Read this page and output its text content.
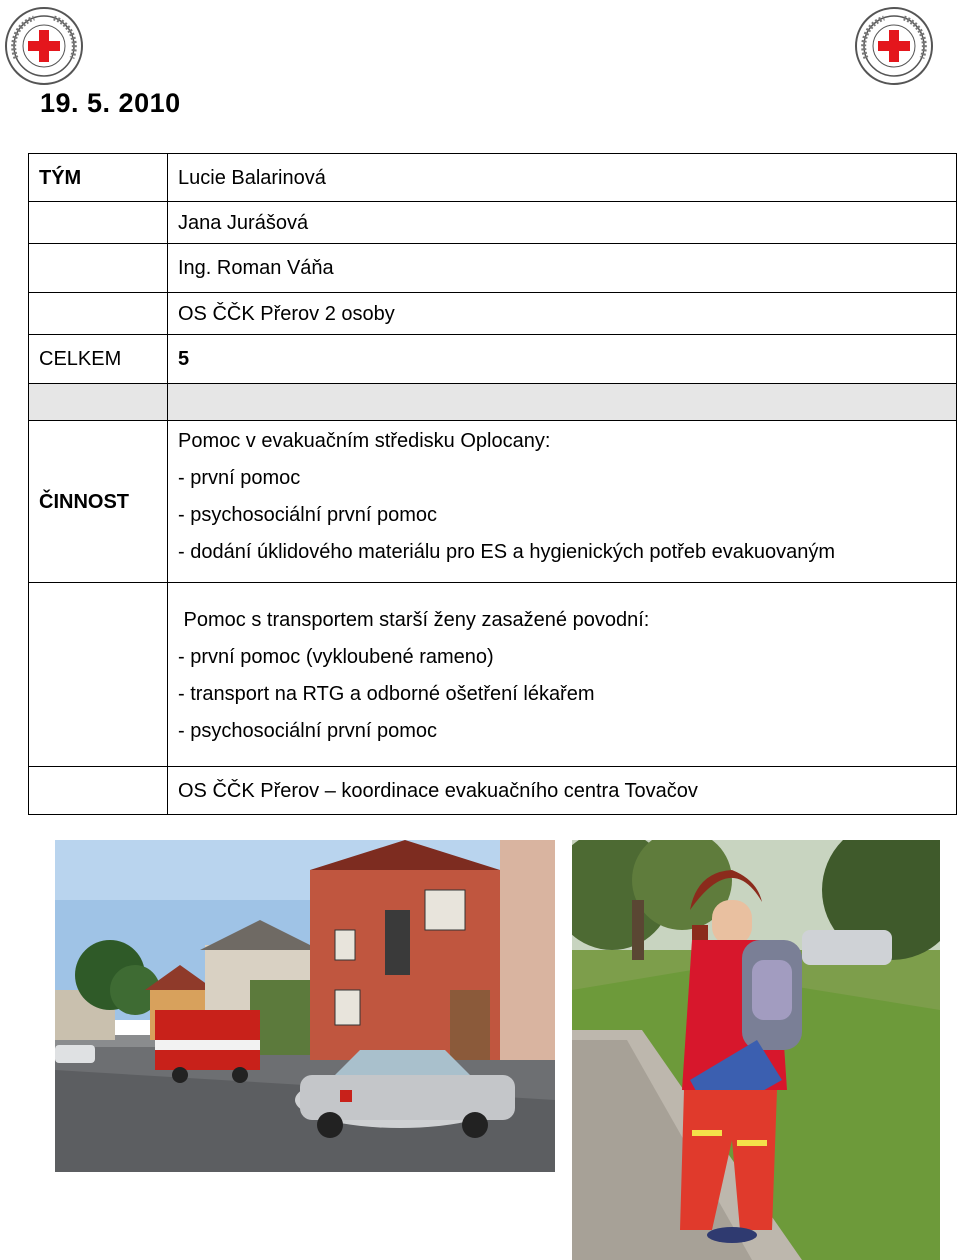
19. 5. 2010
TÝM	Lucie Balarinová
	Jana Jurášová
	Ing. Roman Váňa
	OS ČČK Přerov 2 osoby
CELKEM	5

ČINNOST	Pomoc v evakuačním středisku Oplocany:
- první pomoc
- psychosociální první pomoc
- dodání úklidového materiálu pro ES a hygienických potřeb evakuovaným

	Pomoc s transportem starší ženy zasažené povodní:
- první pomoc (vykloubené rameno)
- transport na RTG a odborné ošetření lékařem
- psychosociální první pomoc

	OS ČČK Přerov – koordinace evakuačního centra Tovačov
